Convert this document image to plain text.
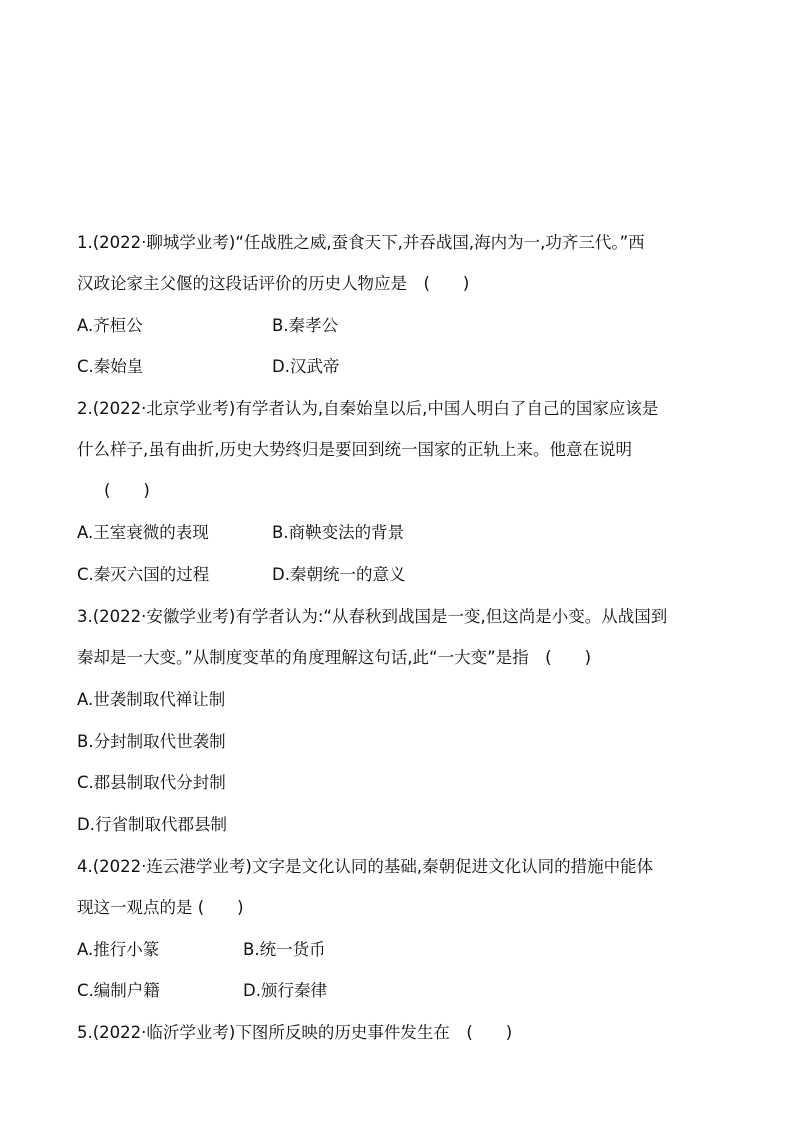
1.(2022·聊城学业考)“任战胜之威,蚕食天下,并吞战国,海内为一,功齐三代。”西
汉政论家主父偃的这段话评价的历史人物应是　(　　)
A.齐桓公	B.秦孝公
C.秦始皇	D.汉武帝
2.(2022·北京学业考)有学者认为,自秦始皇以后,中国人明白了自己的国家应该是
什么样子,虽有曲折,历史大势终归是要回到统一国家的正轨上来。他意在说明
(　　)
A.王室衰微的表现	B.商鞅变法的背景
C.秦灭六国的过程	D.秦朝统一的意义
3.(2022·安徽学业考)有学者认为:“从春秋到战国是一变,但这尚是小变。从战国到
秦却是一大变。”从制度变革的角度理解这句话,此“一大变”是指　(　　)
A.世袭制取代禅让制
B.分封制取代世袭制
C.郡县制取代分封制
D.行省制取代郡县制
4.(2022·连云港学业考)文字是文化认同的基础,秦朝促进文化认同的措施中能体
现这一观点的是 (　　)
A.推行小篆	B.统一货币
C.编制户籍	D.颁行秦律
5.(2022·临沂学业考)下图所反映的历史事件发生在　(　　)
